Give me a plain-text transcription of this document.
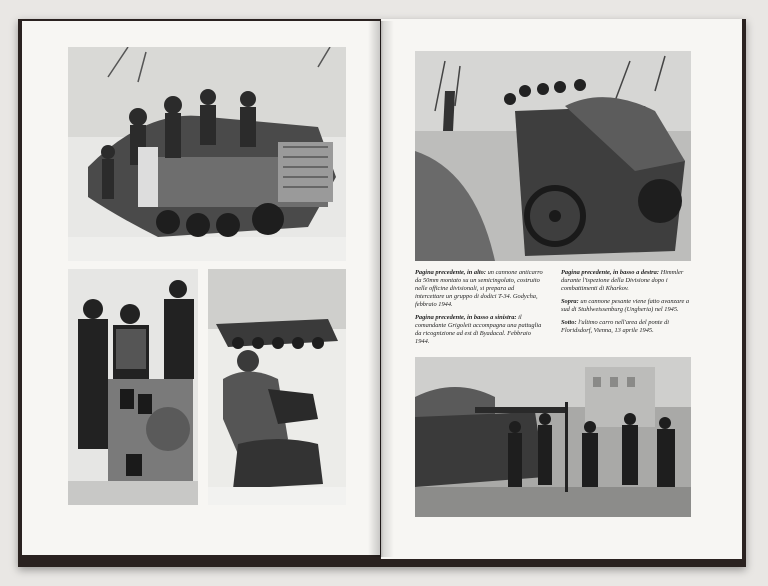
Pagina precedente, in alto: un cannone anticarro da 50mm montato su un semicingolato, costruito nelle officine divisionali, si prepara ad intercettare un gruppo di dodici T-34. Godycha, febbraio 1944.

Pagina precedente, in basso a sinistra: il comandante Grigoleit accompagna una pattuglia da ricognizione ad est di Byadacal. Febbraio 1944.

Pagina precedente, in basso a destra: Himmler durante l'ispezione della Divisione dopo i combattimenti di Kharkov.

Sopra: un cannone pesante viene fatto avanzare a sud di Stuhlweissenburg (Ungheria) nel 1945.

Sotto: l'ultimo carro nell'area del ponte di Floridsdorf, Vienna, 13 aprile 1945.
